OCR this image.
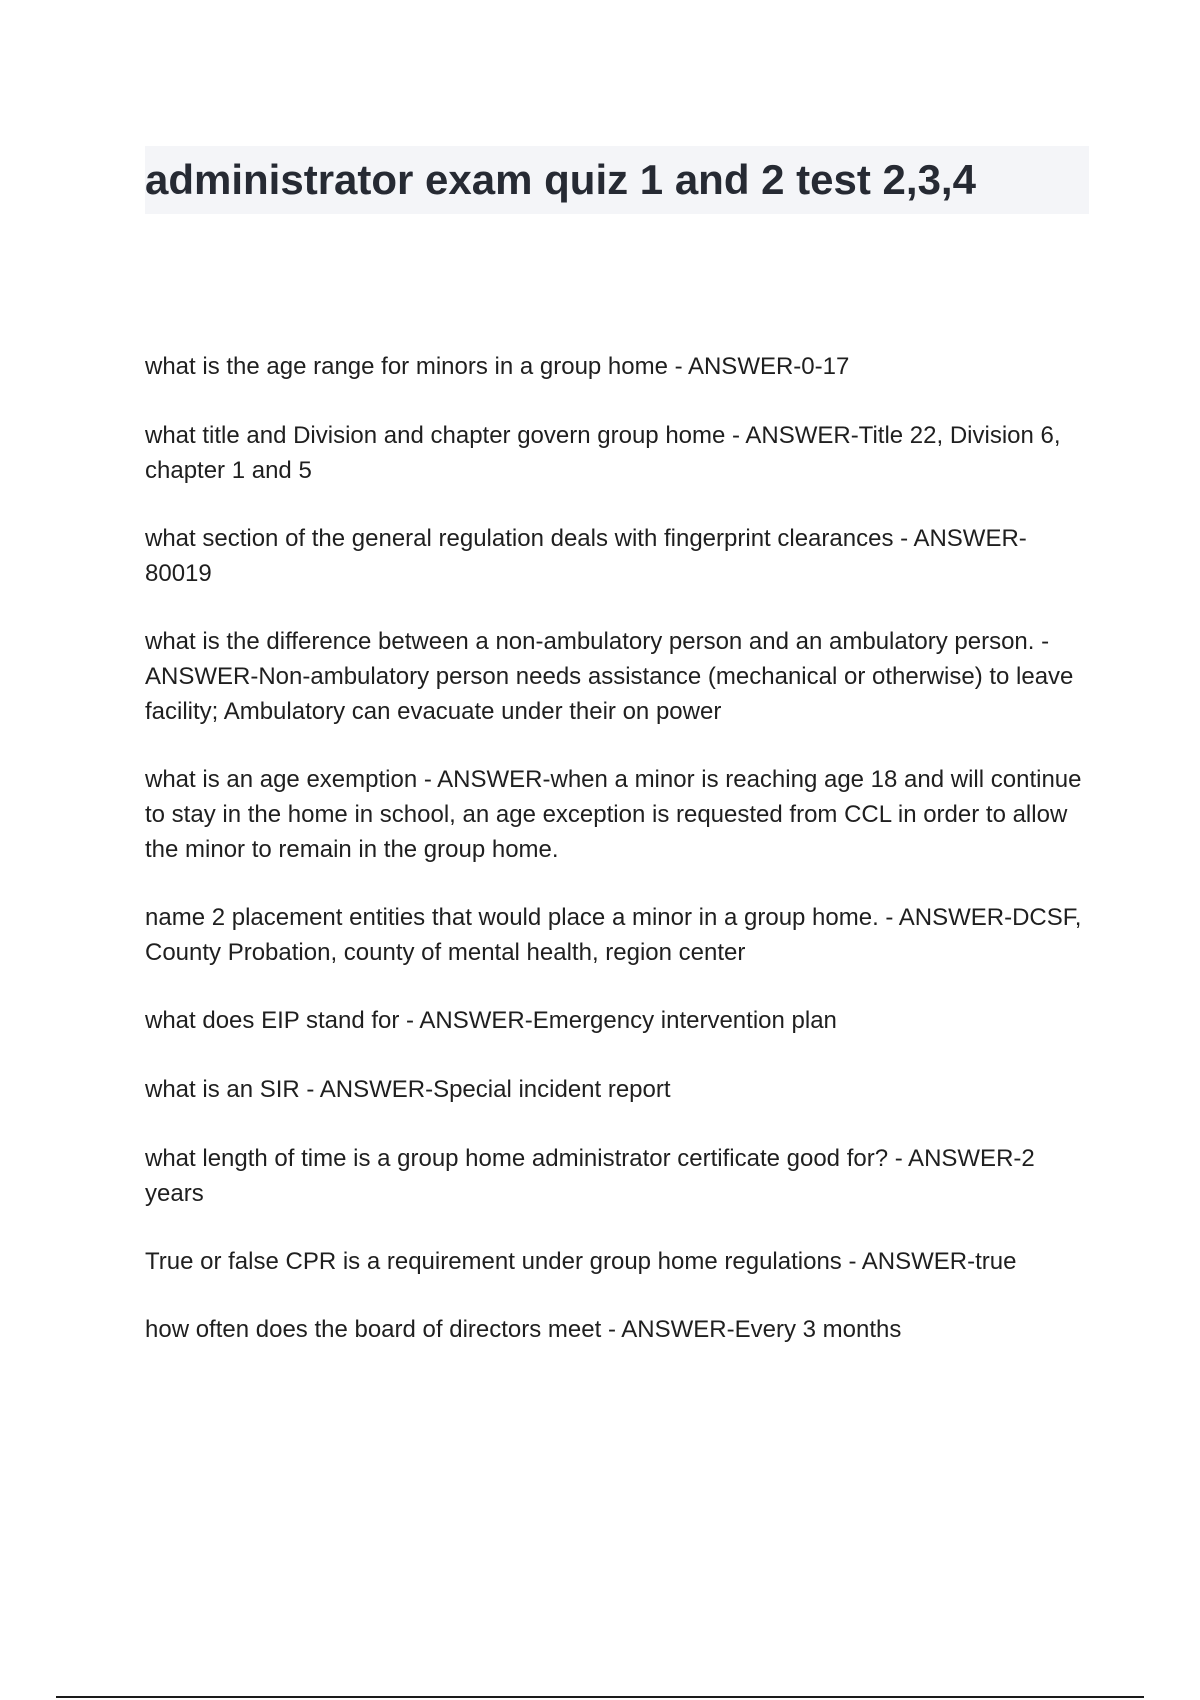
administrator exam quiz 1 and 2 test 2,3,4
what is the age range for minors in a group home - ANSWER-0-17
what title and Division and chapter govern group home - ANSWER-Title 22, Division 6, chapter 1 and 5
what section of the general regulation deals with fingerprint clearances - ANSWER-80019
what is the difference between a non-ambulatory person and an ambulatory person. - ANSWER-Non-ambulatory person needs assistance (mechanical or otherwise) to leave facility; Ambulatory can evacuate under their on power
what is an age exemption - ANSWER-when a minor is reaching age 18 and will continue to stay in the home in school, an age exception is requested from CCL in order to allow the minor to remain in the group home.
name 2 placement entities that would place a minor in a group home. - ANSWER-DCSF, County Probation, county of mental health, region center
what does EIP stand for - ANSWER-Emergency intervention plan
what is an SIR - ANSWER-Special incident report
what length of time is a group home administrator certificate good for? - ANSWER-2 years
True or false CPR is a requirement under group home regulations - ANSWER-true
how often does the board of directors meet - ANSWER-Every 3 months
